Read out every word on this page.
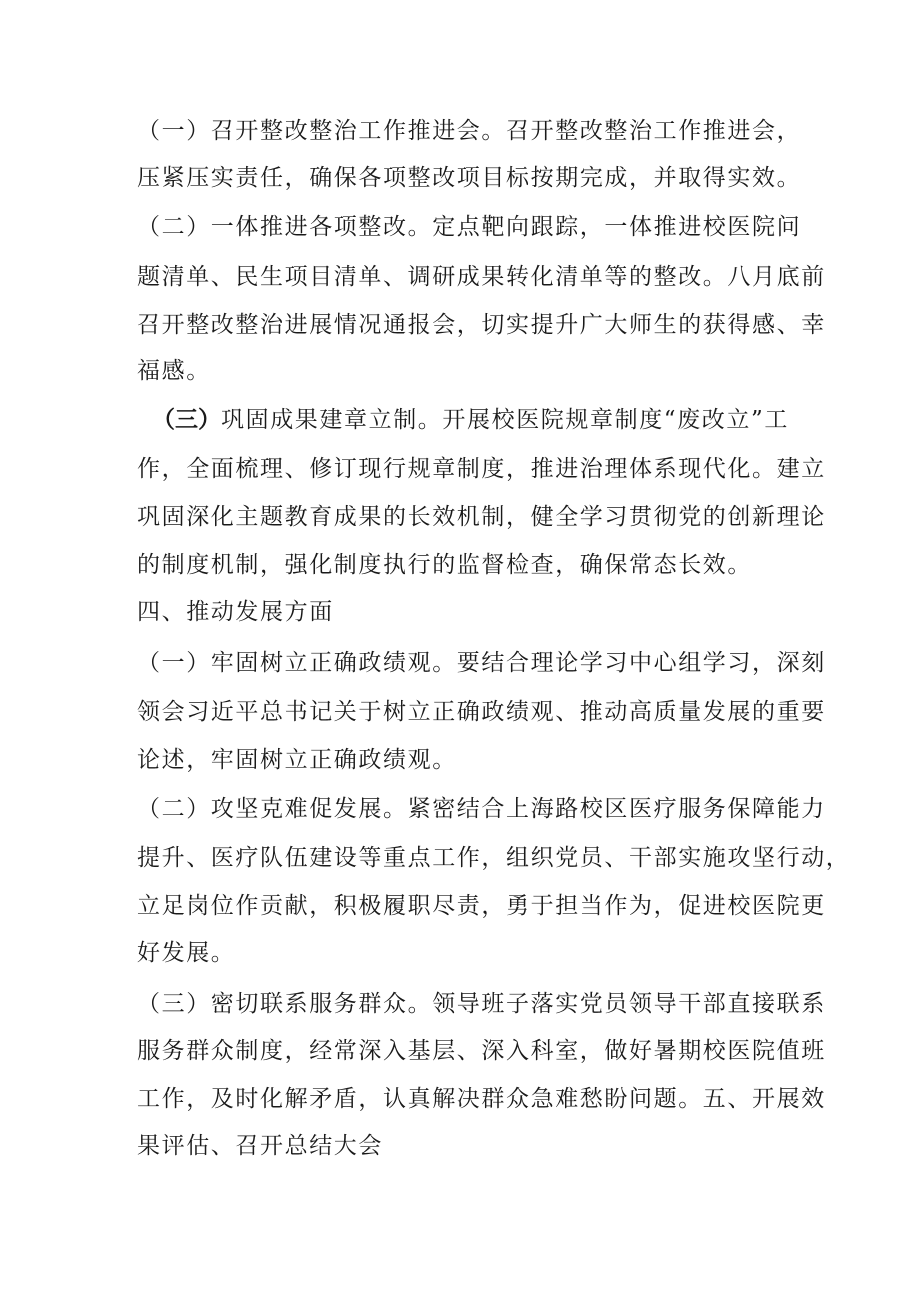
（一）召开整改整治工作推进会。召开整改整治工作推进会，
压紧压实责任，确保各项整改项目标按期完成，并取得实效。
（二）一体推进各项整改。定点靶向跟踪，一体推进校医院问
题清单、民生项目清单、调研成果转化清单等的整改。八月底前
召开整改整治进展情况通报会，切实提升广大师生的获得感、幸
福感。
（三）巩固成果建章立制。开展校医院规章制度“废改立”工
作，全面梳理、修订现行规章制度，推进治理体系现代化。建立
巩固深化主题教育成果的长效机制，健全学习贯彻党的创新理论
的制度机制，强化制度执行的监督检查，确保常态长效。
四、推动发展方面
（一）牢固树立正确政绩观。要结合理论学习中心组学习，深刻
领会习近平总书记关于树立正确政绩观、推动高质量发展的重要
论述，牢固树立正确政绩观。
（二）攻坚克难促发展。紧密结合上海路校区医疗服务保障能力
提升、医疗队伍建设等重点工作，组织党员、干部实施攻坚行动，
立足岗位作贡献，积极履职尽责，勇于担当作为，促进校医院更
好发展。
（三）密切联系服务群众。领导班子落实党员领导干部直接联系
服务群众制度，经常深入基层、深入科室，做好暑期校医院值班
工作，及时化解矛盾，认真解决群众急难愁盼问题。五、开展效
果评估、召开总结大会
